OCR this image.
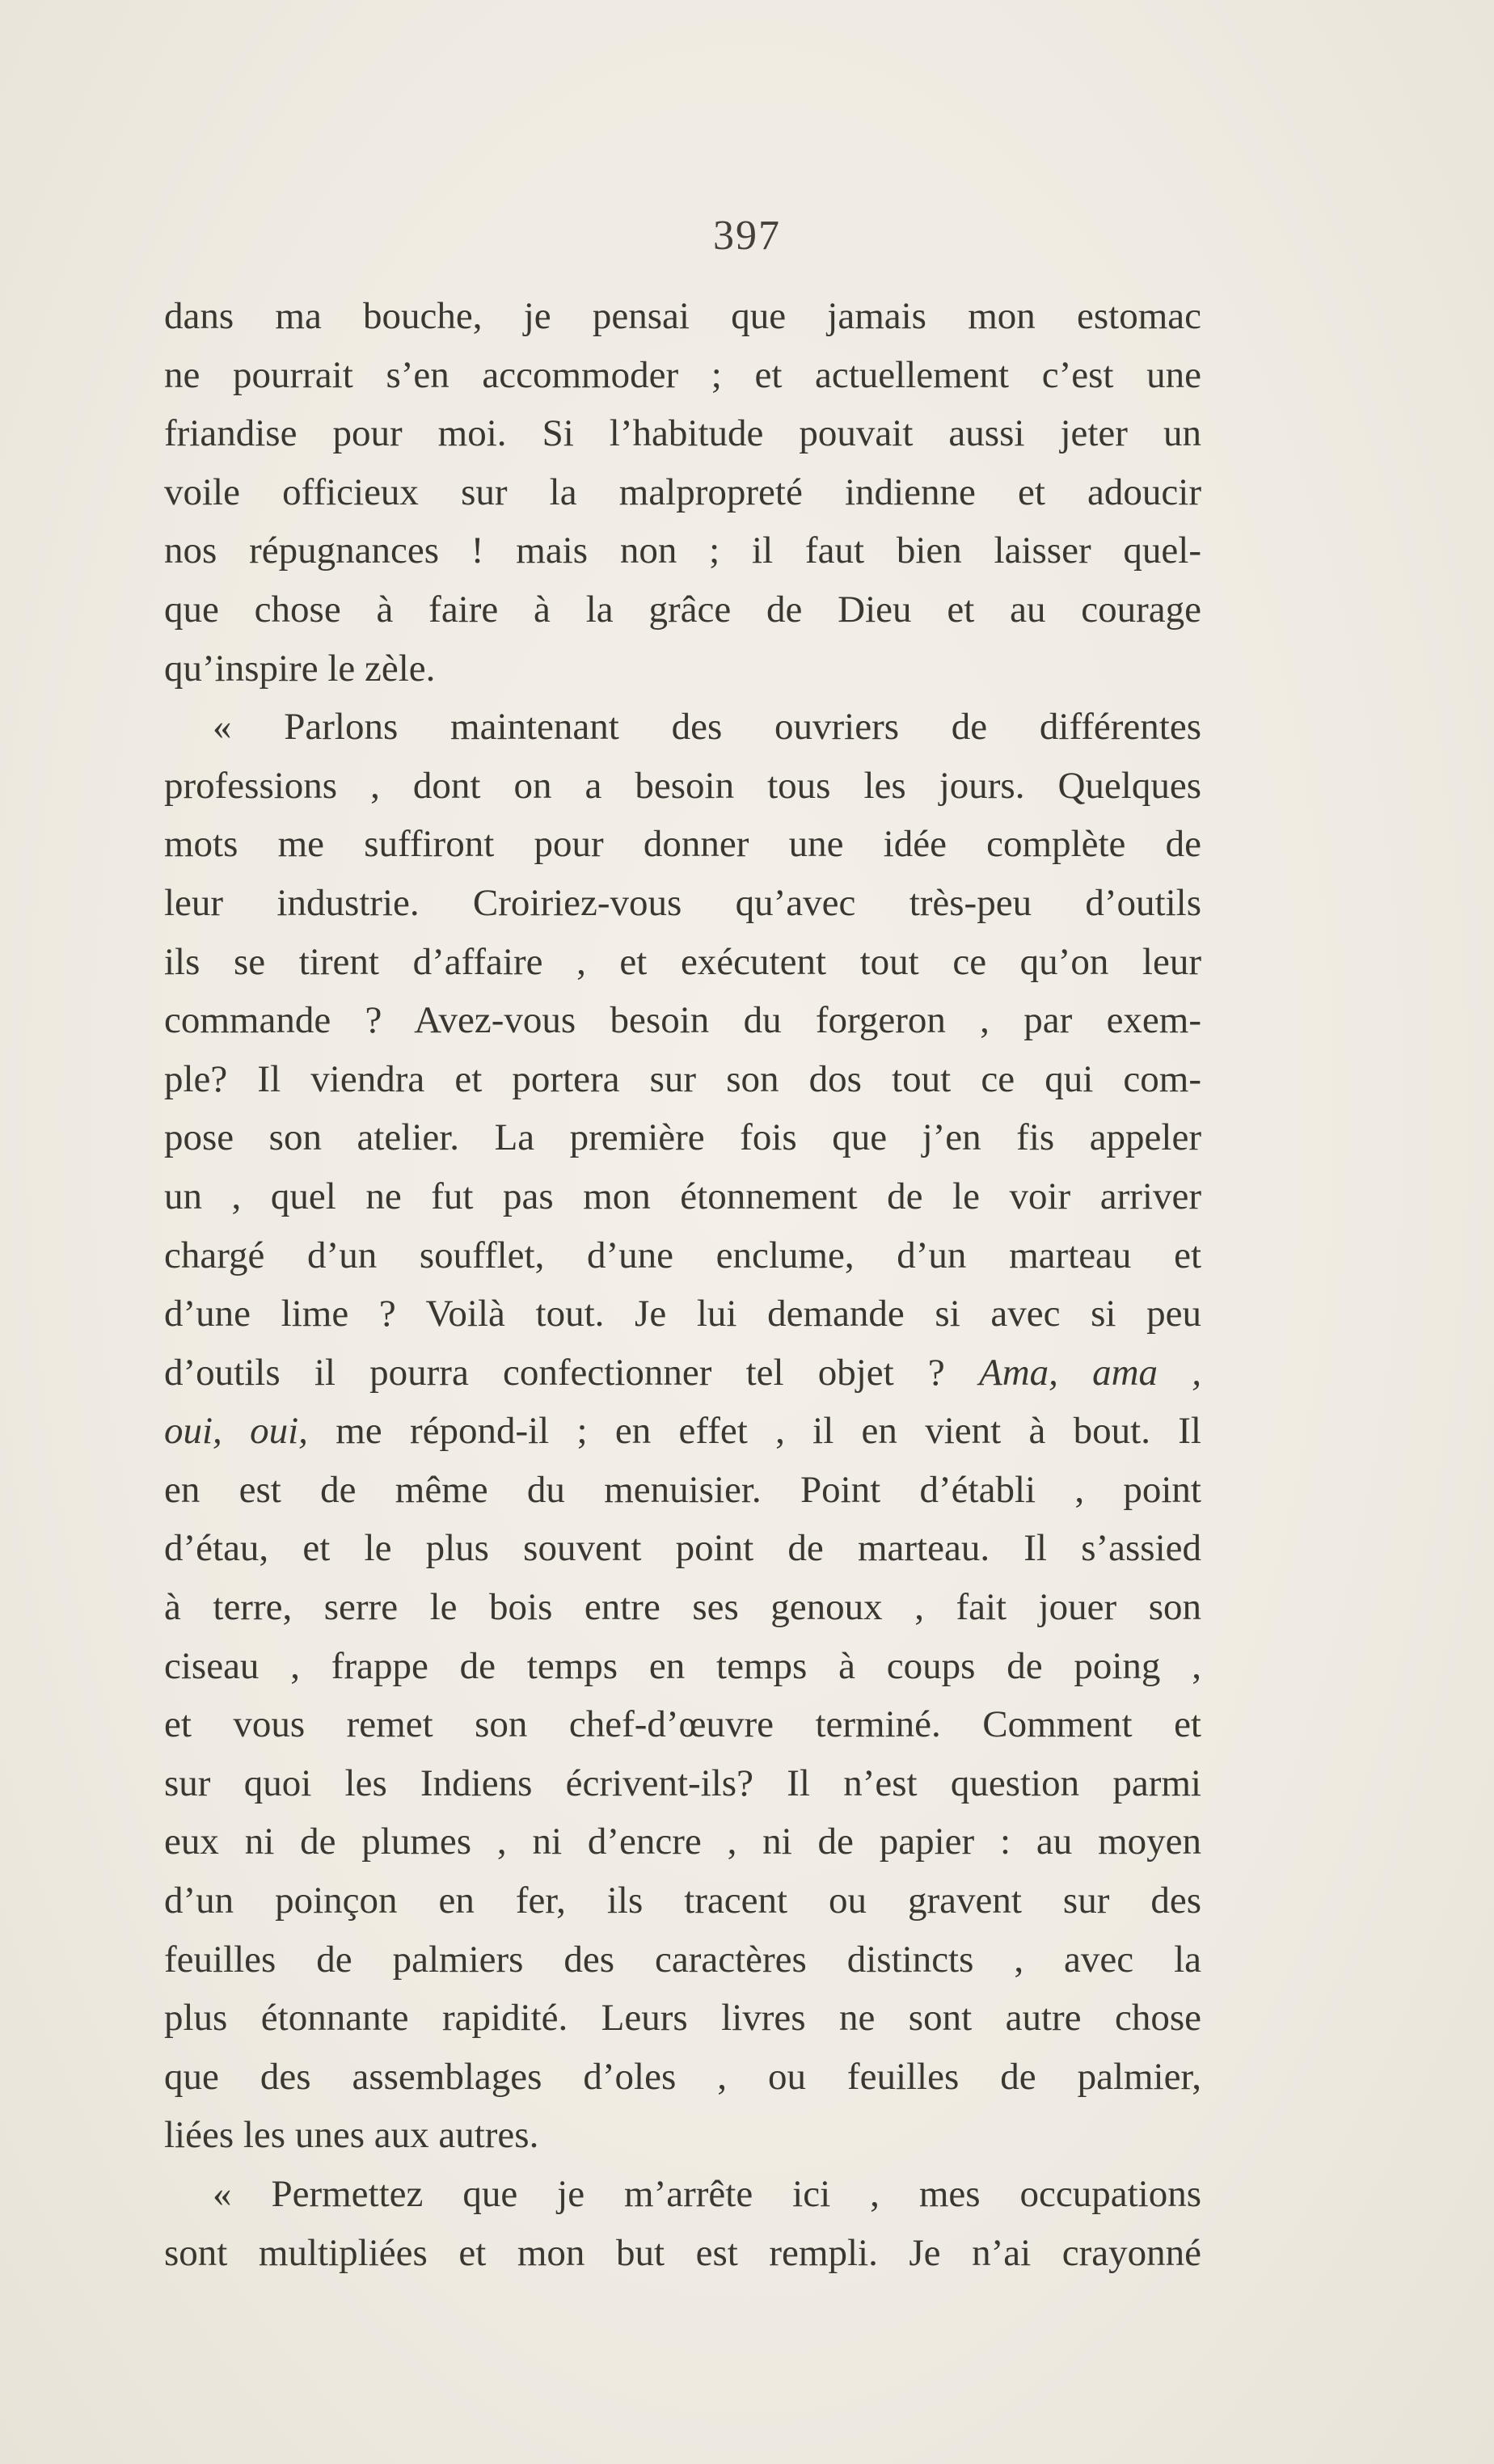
397
dans ma bouche, je pensai que jamais mon estomac
ne pourrait s’en accommoder ; et actuellement c’est une
friandise pour moi. Si l’habitude pouvait aussi jeter un
voile officieux sur la malpropreté indienne et adoucir
nos répugnances ! mais non ; il faut bien laisser quel-
que chose à faire à la grâce de Dieu et au courage
qu’inspire le zèle.
« Parlons maintenant des ouvriers de différentes
professions , dont on a besoin tous les jours. Quelques
mots me suffiront pour donner une idée complète de
leur industrie. Croiriez-vous qu’avec très-peu d’outils
ils se tirent d’affaire , et exécutent tout ce qu’on leur
commande ? Avez-vous besoin du forgeron , par exem-
ple? Il viendra et portera sur son dos tout ce qui com-
pose son atelier. La première fois que j’en fis appeler
un , quel ne fut pas mon étonnement de le voir arriver
chargé d’un soufflet, d’une enclume, d’un marteau et
d’une lime ? Voilà tout. Je lui demande si avec si peu
d’outils il pourra confectionner tel objet ? Ama, ama ,
oui, oui, me répond-il ; en effet , il en vient à bout. Il
en est de même du menuisier. Point d’établi , point
d’étau, et le plus souvent point de marteau. Il s’assied
à terre, serre le bois entre ses genoux , fait jouer son
ciseau , frappe de temps en temps à coups de poing ,
et vous remet son chef-d’œuvre terminé. Comment et
sur quoi les Indiens écrivent-ils? Il n’est question parmi
eux ni de plumes , ni d’encre , ni de papier : au moyen
d’un poinçon en fer, ils tracent ou gravent sur des
feuilles de palmiers des caractères distincts , avec la
plus étonnante rapidité. Leurs livres ne sont autre chose
que des assemblages d’oles , ou feuilles de palmier,
liées les unes aux autres.
« Permettez que je m’arrête ici , mes occupations
sont multipliées et mon but est rempli. Je n’ai crayonné
